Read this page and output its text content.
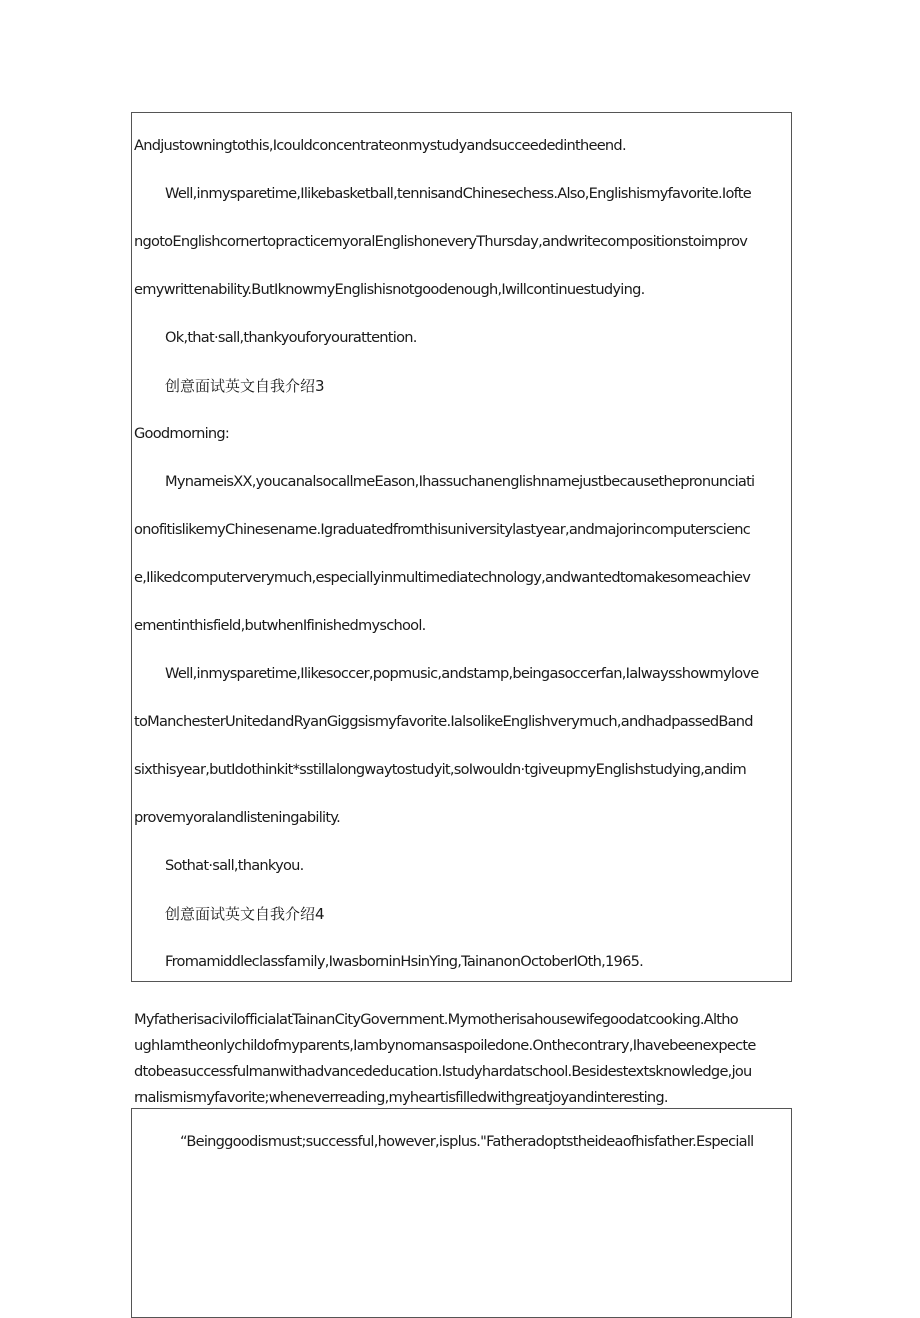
Andjustowningtothis,Icouldconcentrateonmystudyandsucceededintheend.
Well,inmysparetime,Ilikebasketball,tennisandChinesechess.Also,Englishismyfavorite.Iofte
ngotoEnglishcornertopracticemyoralEnglishoneveryThursday,andwritecompositionstoimprov
emywrittenability.ButIknowmyEnglishisnotgoodenough,Iwillcontinuestudying.
Ok,that·sall,thankyouforyourattention.
创意面试英文自我介绍3
Goodmorning:
MynameisXX,youcanalsocallmeEason,Ihassuchanenglishnamejustbecausethepronunciati
onofitislikemyChinesename.Igraduatedfromthisuniversitylastyear,andmajorincomputerscienc
e,Ilikedcomputerverymuch,especiallyinmultimediatechnology,andwantedtomakesomeachiev
ementinthisfield,butwhenIfinishedmyschool.
Well,inmysparetime,Ilikesoccer,popmusic,andstamp,beingasoccerfan,Ialwaysshowmylove
toManchesterUnitedandRyanGiggsismyfavorite.IalsolikeEnglishverymuch,andhadpassedBand
sixthisyear,butIdothinkit*sstillalongwaytostudyit,soIwouldn·tgiveupmyEnglishstudying,andim
provemyoralandlisteningability.
Sothat·sall,thankyou.
创意面试英文自我介绍4
Fromamiddleclassfamily,IwasborninHsinYing,TainanonOctoberIOth,1965.
MyfatherisacivilofficialatTainanCityGovernment.Mymotherisahousewifegoodatcooking.Altho
ughIamtheonlychildofmyparents,Iambynomansaspoiledone.Onthecontrary,Ihavebeenexpecte
dtobeasuccessfulmanwithadvancededucation.Istudyhardatschool.Besidestextsknowledge,jou
rnalismismyfavorite;wheneverreading,myheartisfilledwithgreatjoyandinteresting.
“Beinggoodismust;successful,however,isplus."Fatheradoptstheideaofhisfather.Especiall
